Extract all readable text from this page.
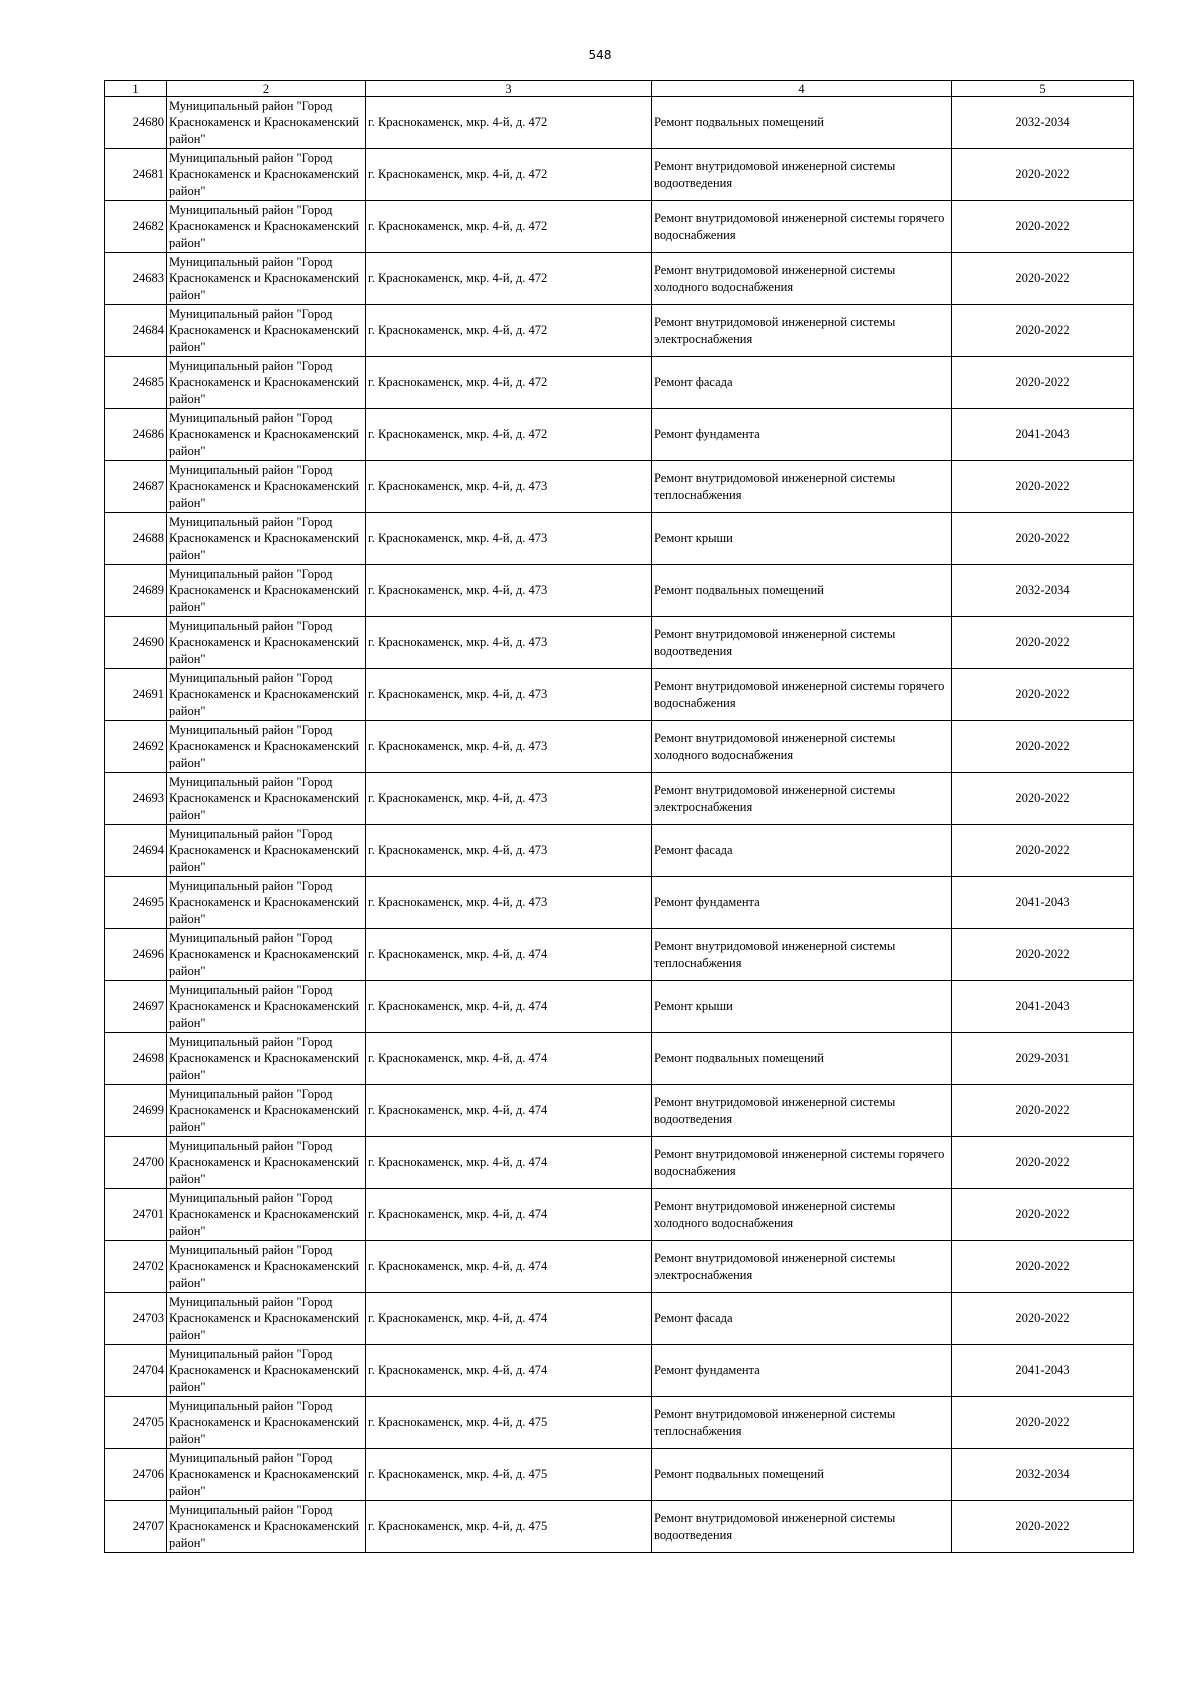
548
1	2	3	4	5
24680	Муниципальный район "Город Краснокаменск и Краснокаменский район"	г. Краснокаменск, мкр. 4-й, д. 472	Ремонт подвальных помещений	2032-2034
24681	Муниципальный район "Город Краснокаменск и Краснокаменский район"	г. Краснокаменск, мкр. 4-й, д. 472	Ремонт внутридомовой инженерной системы водоотведения	2020-2022
24682	Муниципальный район "Город Краснокаменск и Краснокаменский район"	г. Краснокаменск, мкр. 4-й, д. 472	Ремонт внутридомовой инженерной системы горячего водоснабжения	2020-2022
24683	Муниципальный район "Город Краснокаменск и Краснокаменский район"	г. Краснокаменск, мкр. 4-й, д. 472	Ремонт внутридомовой инженерной системы холодного водоснабжения	2020-2022
24684	Муниципальный район "Город Краснокаменск и Краснокаменский район"	г. Краснокаменск, мкр. 4-й, д. 472	Ремонт внутридомовой инженерной системы электроснабжения	2020-2022
24685	Муниципальный район "Город Краснокаменск и Краснокаменский район"	г. Краснокаменск, мкр. 4-й, д. 472	Ремонт фасада	2020-2022
24686	Муниципальный район "Город Краснокаменск и Краснокаменский район"	г. Краснокаменск, мкр. 4-й, д. 472	Ремонт фундамента	2041-2043
24687	Муниципальный район "Город Краснокаменск и Краснокаменский район"	г. Краснокаменск, мкр. 4-й, д. 473	Ремонт внутридомовой инженерной системы теплоснабжения	2020-2022
24688	Муниципальный район "Город Краснокаменск и Краснокаменский район"	г. Краснокаменск, мкр. 4-й, д. 473	Ремонт крыши	2020-2022
24689	Муниципальный район "Город Краснокаменск и Краснокаменский район"	г. Краснокаменск, мкр. 4-й, д. 473	Ремонт подвальных помещений	2032-2034
24690	Муниципальный район "Город Краснокаменск и Краснокаменский район"	г. Краснокаменск, мкр. 4-й, д. 473	Ремонт внутридомовой инженерной системы водоотведения	2020-2022
24691	Муниципальный район "Город Краснокаменск и Краснокаменский район"	г. Краснокаменск, мкр. 4-й, д. 473	Ремонт внутридомовой инженерной системы горячего водоснабжения	2020-2022
24692	Муниципальный район "Город Краснокаменск и Краснокаменский район"	г. Краснокаменск, мкр. 4-й, д. 473	Ремонт внутридомовой инженерной системы холодного водоснабжения	2020-2022
24693	Муниципальный район "Город Краснокаменск и Краснокаменский район"	г. Краснокаменск, мкр. 4-й, д. 473	Ремонт внутридомовой инженерной системы электроснабжения	2020-2022
24694	Муниципальный район "Город Краснокаменск и Краснокаменский район"	г. Краснокаменск, мкр. 4-й, д. 473	Ремонт фасада	2020-2022
24695	Муниципальный район "Город Краснокаменск и Краснокаменский район"	г. Краснокаменск, мкр. 4-й, д. 473	Ремонт фундамента	2041-2043
24696	Муниципальный район "Город Краснокаменск и Краснокаменский район"	г. Краснокаменск, мкр. 4-й, д. 474	Ремонт внутридомовой инженерной системы теплоснабжения	2020-2022
24697	Муниципальный район "Город Краснокаменск и Краснокаменский район"	г. Краснокаменск, мкр. 4-й, д. 474	Ремонт крыши	2041-2043
24698	Муниципальный район "Город Краснокаменск и Краснокаменский район"	г. Краснокаменск, мкр. 4-й, д. 474	Ремонт подвальных помещений	2029-2031
24699	Муниципальный район "Город Краснокаменск и Краснокаменский район"	г. Краснокаменск, мкр. 4-й, д. 474	Ремонт внутридомовой инженерной системы водоотведения	2020-2022
24700	Муниципальный район "Город Краснокаменск и Краснокаменский район"	г. Краснокаменск, мкр. 4-й, д. 474	Ремонт внутридомовой инженерной системы горячего водоснабжения	2020-2022
24701	Муниципальный район "Город Краснокаменск и Краснокаменский район"	г. Краснокаменск, мкр. 4-й, д. 474	Ремонт внутридомовой инженерной системы холодного водоснабжения	2020-2022
24702	Муниципальный район "Город Краснокаменск и Краснокаменский район"	г. Краснокаменск, мкр. 4-й, д. 474	Ремонт внутридомовой инженерной системы электроснабжения	2020-2022
24703	Муниципальный район "Город Краснокаменск и Краснокаменский район"	г. Краснокаменск, мкр. 4-й, д. 474	Ремонт фасада	2020-2022
24704	Муниципальный район "Город Краснокаменск и Краснокаменский район"	г. Краснокаменск, мкр. 4-й, д. 474	Ремонт фундамента	2041-2043
24705	Муниципальный район "Город Краснокаменск и Краснокаменский район"	г. Краснокаменск, мкр. 4-й, д. 475	Ремонт внутридомовой инженерной системы теплоснабжения	2020-2022
24706	Муниципальный район "Город Краснокаменск и Краснокаменский район"	г. Краснокаменск, мкр. 4-й, д. 475	Ремонт подвальных помещений	2032-2034
24707	Муниципальный район "Город Краснокаменск и Краснокаменский район"	г. Краснокаменск, мкр. 4-й, д. 475	Ремонт внутридомовой инженерной системы водоотведения	2020-2022
